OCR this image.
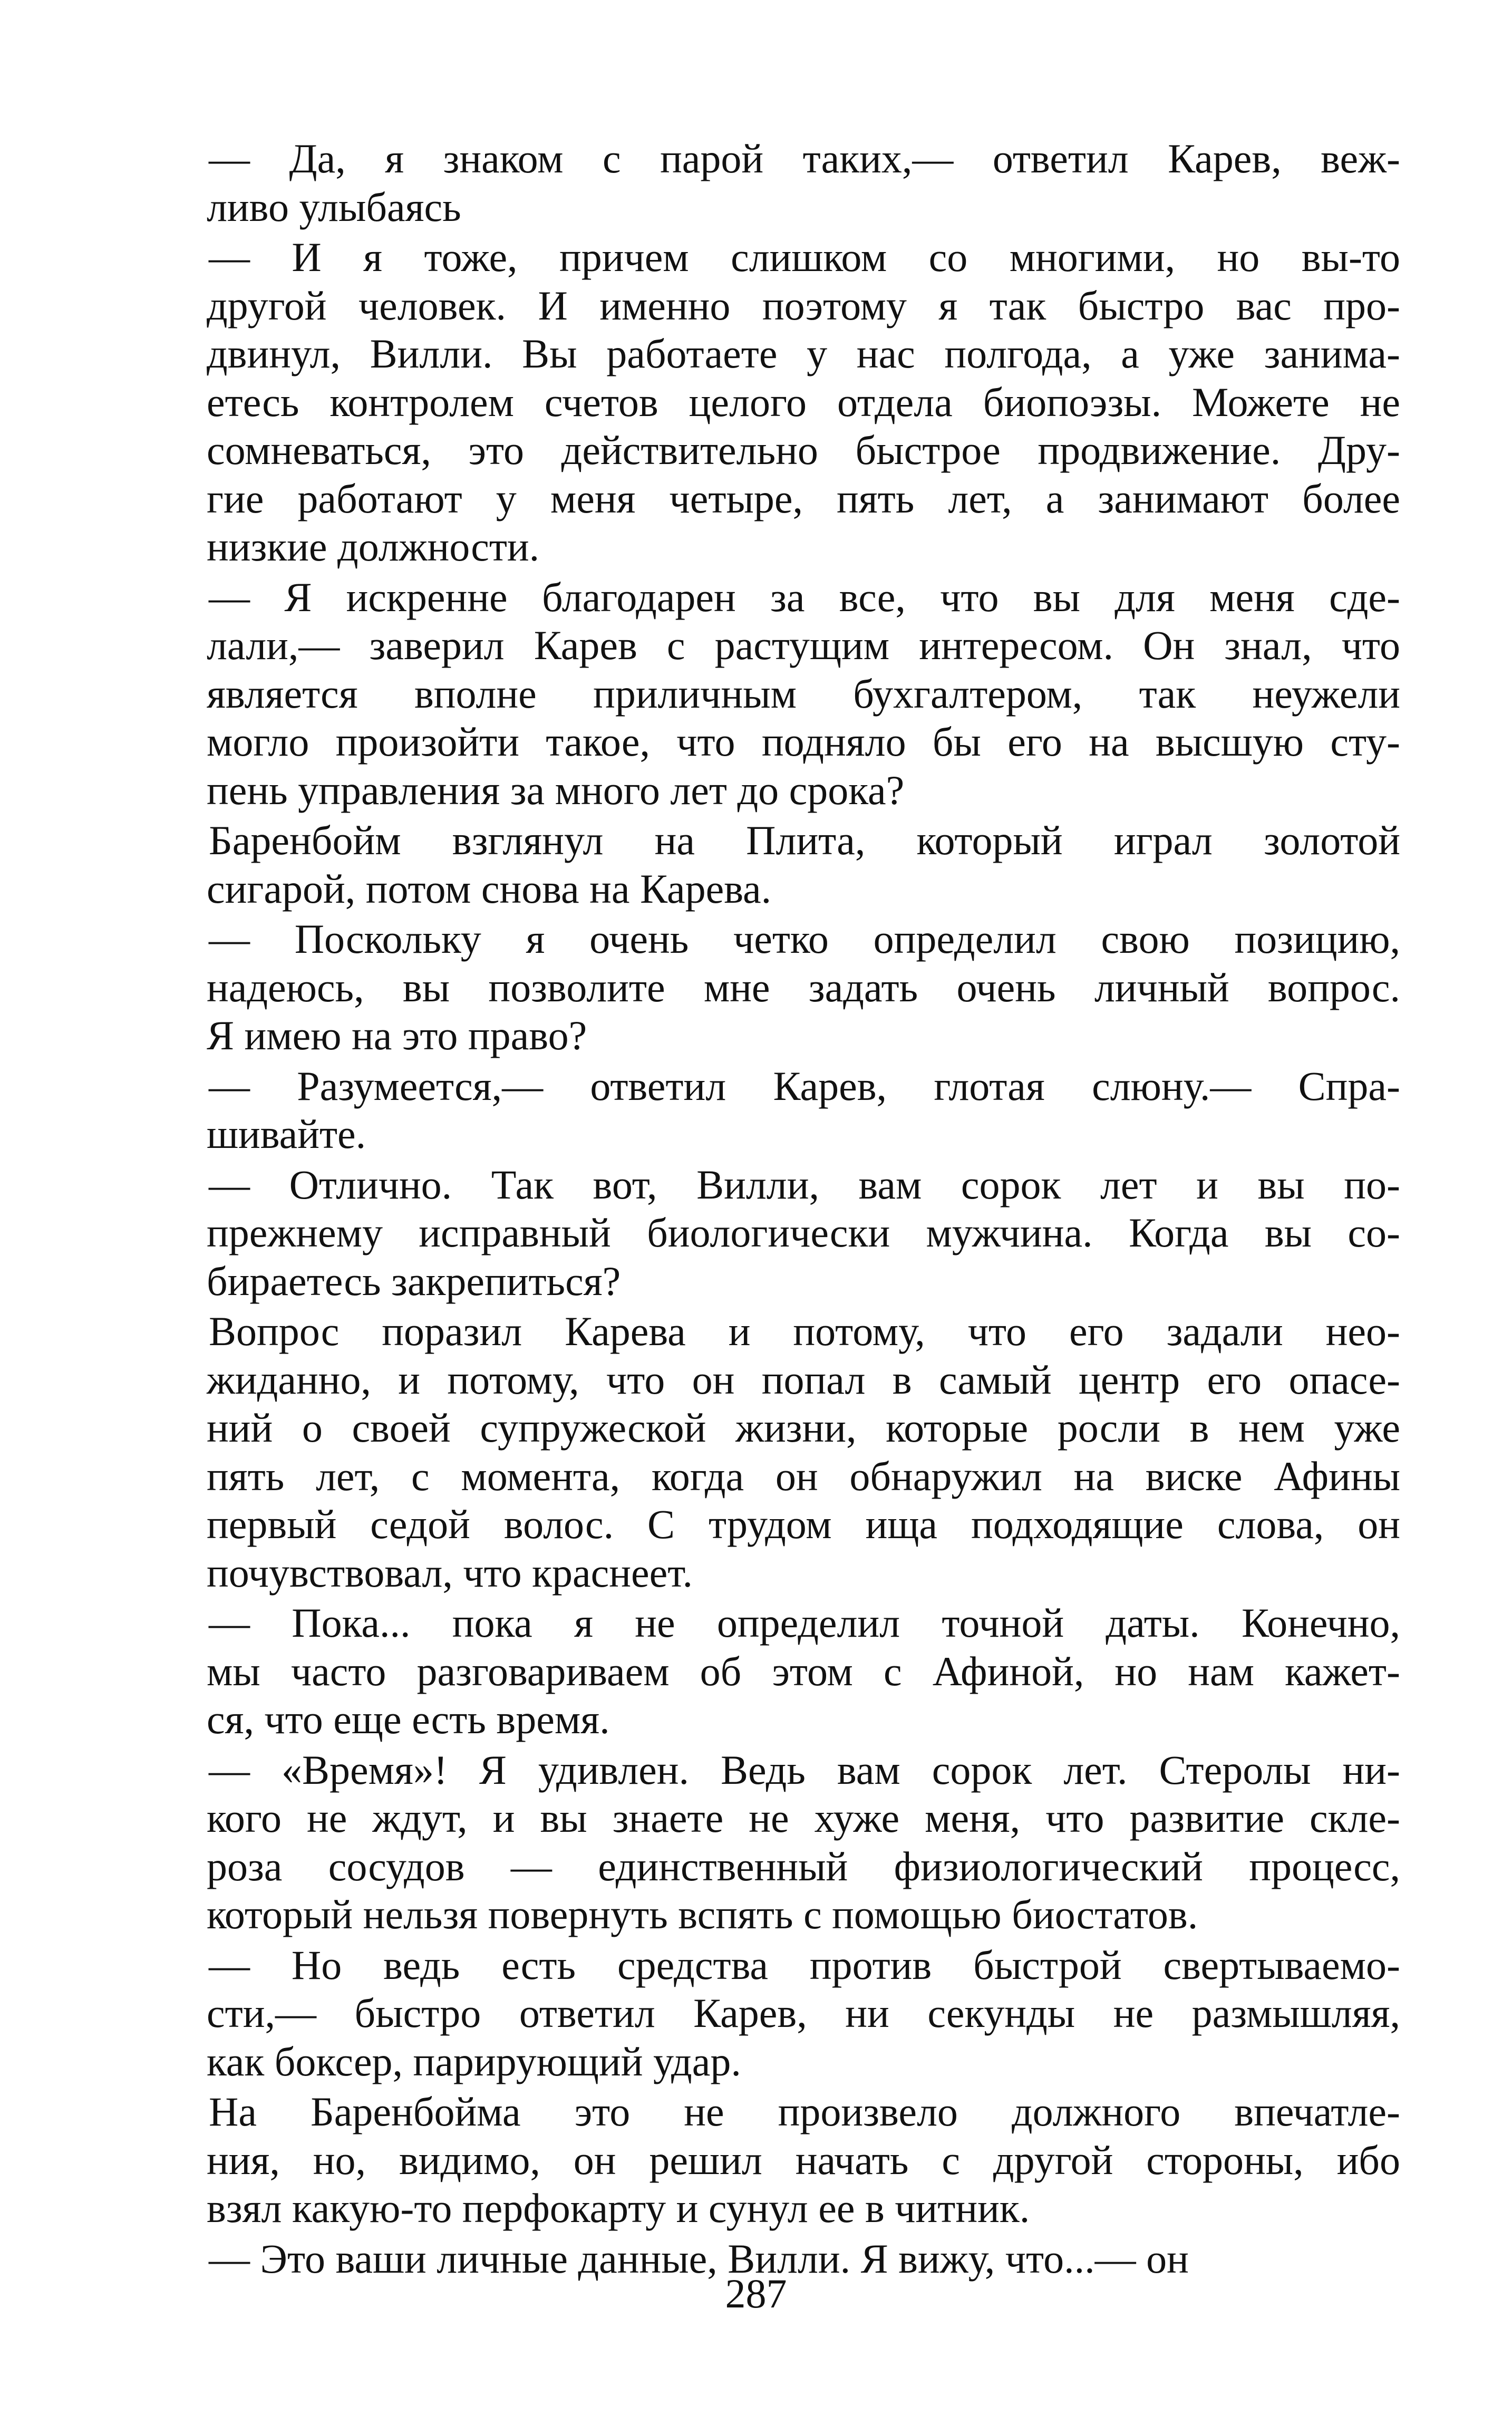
— Да, я знаком с парой таких,— ответил Карев, веж-
ливо улыбаясь
— И я тоже, причем слишком со многими, но вы-то
другой человек. И именно поэтому я так быстро вас про-
двинул, Вилли. Вы работаете у нас полгода, а уже занима-
етесь контролем счетов целого отдела биопоэзы. Можете не
сомневаться, это действительно быстрое продвижение. Дру-
гие работают у меня четыре, пять лет, а занимают более
низкие должности.
— Я искренне благодарен за все, что вы для меня сде-
лали,— заверил Карев с растущим интересом. Он знал, что
является вполне приличным бухгалтером, так неужели
могло произойти такое, что подняло бы его на высшую сту-
пень управления за много лет до срока?
Баренбойм взглянул на Плита, который играл золотой
сигарой, потом снова на Карева.
— Поскольку я очень четко определил свою позицию,
надеюсь, вы позволите мне задать очень личный вопрос.
Я имею на это право?
— Разумеется,— ответил Карев, глотая слюну.— Спра-
шивайте.
— Отлично. Так вот, Вилли, вам сорок лет и вы по-
прежнему исправный биологически мужчина. Когда вы со-
бираетесь закрепиться?
Вопрос поразил Карева и потому, что его задали нео-
жиданно, и потому, что он попал в самый центр его опасе-
ний о своей супружеской жизни, которые росли в нем уже
пять лет, с момента, когда он обнаружил на виске Афины
первый седой волос. С трудом ища подходящие слова, он
почувствовал, что краснеет.
— Пока... пока я не определил точной даты. Конечно,
мы часто разговариваем об этом с Афиной, но нам кажет-
ся, что еще есть время.
— «Время»! Я удивлен. Ведь вам сорок лет. Стеролы ни-
кого не ждут, и вы знаете не хуже меня, что развитие скле-
роза сосудов — единственный физиологический процесс,
который нельзя повернуть вспять с помощью биостатов.
— Но ведь есть средства против быстрой свертываемо-
сти,— быстро ответил Карев, ни секунды не размышляя,
как боксер, парирующий удар.
На Баренбойма это не произвело должного впечатле-
ния, но, видимо, он решил начать с другой стороны, ибо
взял какую-то перфокарту и сунул ее в читник.
— Это ваши личные данные, Вилли. Я вижу, что...— он
287
